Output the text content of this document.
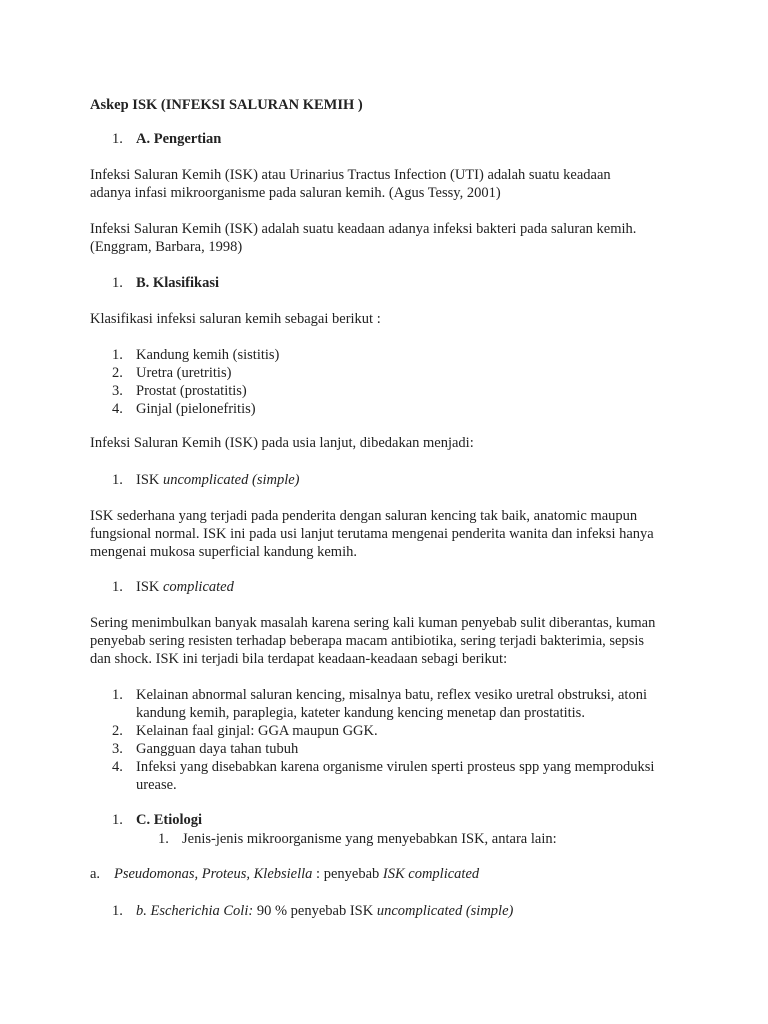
Askep ISK (INFEKSI SALURAN KEMIH )
1. A. Pengertian
Infeksi Saluran Kemih (ISK) atau Urinarius Tractus Infection (UTI) adalah suatu keadaan
adanya infasi mikroorganisme pada saluran kemih. (Agus Tessy, 2001)
Infeksi Saluran Kemih (ISK) adalah suatu keadaan adanya infeksi bakteri pada saluran kemih.
(Enggram, Barbara, 1998)
1. B. Klasifikasi
Klasifikasi infeksi saluran kemih sebagai berikut :
1. Kandung kemih (sistitis)
2. Uretra (uretritis)
3. Prostat (prostatitis)
4. Ginjal (pielonefritis)
Infeksi Saluran Kemih (ISK) pada usia lanjut, dibedakan menjadi:
1. ISK uncomplicated (simple)
ISK sederhana yang terjadi pada penderita dengan saluran kencing tak baik, anatomic maupun
fungsional normal. ISK ini pada usi lanjut terutama mengenai penderita wanita dan infeksi hanya
mengenai mukosa superficial kandung kemih.
1. ISK complicated
Sering menimbulkan banyak masalah karena sering kali kuman penyebab sulit diberantas, kuman
penyebab sering resisten terhadap beberapa macam antibiotika, sering terjadi bakterimia, sepsis
dan shock. ISK ini terjadi bila terdapat keadaan-keadaan sebagi berikut:
1. Kelainan abnormal saluran kencing, misalnya batu, reflex vesiko uretral obstruksi, atoni
kandung kemih, paraplegia, kateter kandung kencing menetap dan prostatitis.
2. Kelainan faal ginjal: GGA maupun GGK.
3. Gangguan daya tahan tubuh
4. Infeksi yang disebabkan karena organisme virulen sperti prosteus spp yang memproduksi
urease.
1. C. Etiologi
1. Jenis-jenis mikroorganisme yang menyebabkan ISK, antara lain:
a. Pseudomonas, Proteus, Klebsiella : penyebab ISK complicated
1. b. Escherichia Coli: 90 % penyebab ISK uncomplicated (simple)
